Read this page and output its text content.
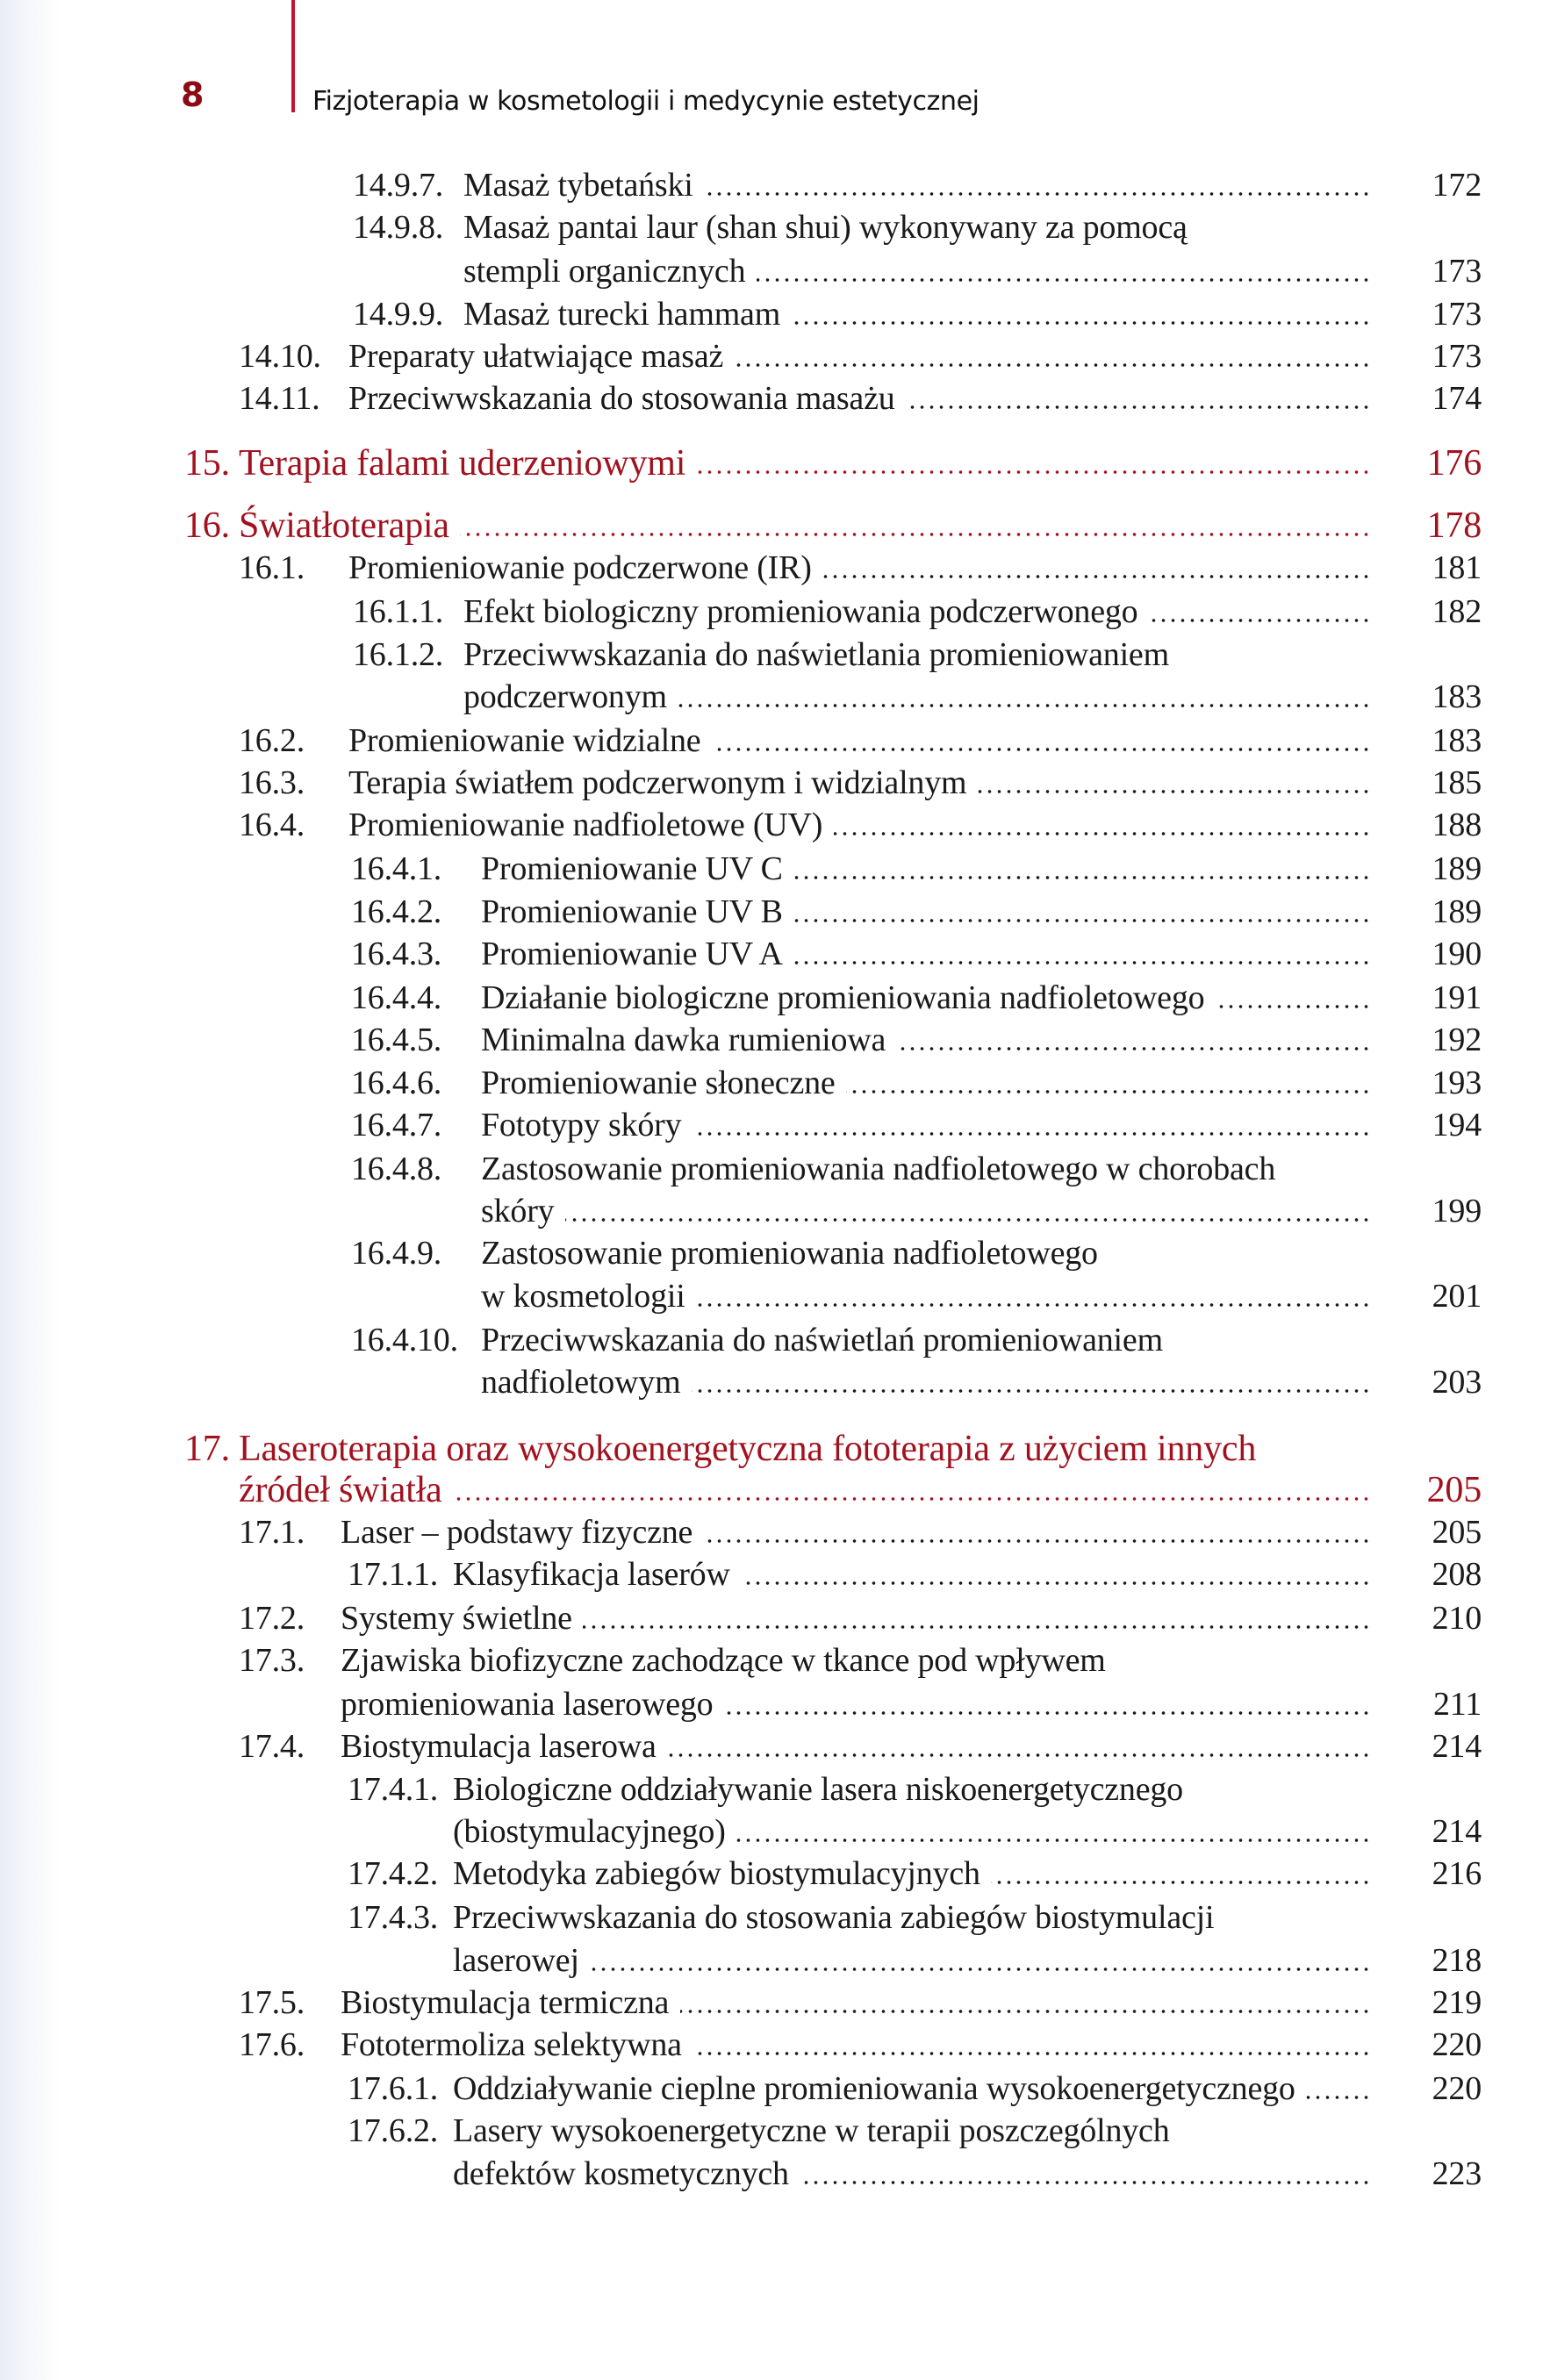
8	Fizjoterapia w kosmetologii i medycynie estetycznej
14.9.7. Masaż tybetański	172
14.9.8. Masaż pantai laur (shan shui) wykonywany za pomocą
stempli organicznych	173
14.9.9. Masaż turecki hammam	173
14.10. Preparaty ułatwiające masaż	173
14.11. Przeciwwskazania do stosowania masażu	174
15. Terapia falami uderzeniowymi	176
16. Światłoterapia	178
16.1.	Promieniowanie podczerwone (IR)	181
16.1.1. Efekt biologiczny promieniowania podczerwonego	182
16.1.2. Przeciwwskazania do naświetlania promieniowaniem
podczerwonym	183
16.2.	Promieniowanie widzialne	183
16.3.	Terapia światłem podczerwonym i widzialnym	185
16.4.	Promieniowanie nadfioletowe (UV)	188
16.4.1.	Promieniowanie UV C	189
16.4.2.	Promieniowanie UV B	189
16.4.3.	Promieniowanie UV A	190
16.4.4.	Działanie biologiczne promieniowania nadfioletowego	191
16.4.5.	Minimalna dawka rumieniowa	192
16.4.6.	Promieniowanie słoneczne	193
16.4.7.	Fototypy skóry	194
16.4.8.	Zastosowanie promieniowania nadfioletowego w chorobach
skóry	199
16.4.9.	Zastosowanie promieniowania nadfioletowego
w kosmetologii	201
16.4.10. Przeciwwskazania do naświetlań promieniowaniem
nadfioletowym	203
17. Laseroterapia oraz wysokoenergetyczna fototerapia z użyciem innych
źródeł światła	205
17.1.	Laser – podstawy fizyczne	205
17.1.1. Klasyfikacja laserów	208
17.2.	Systemy świetlne	210
17.3.	Zjawiska biofizyczne zachodzące w tkance pod wpływem
promieniowania laserowego	211
17.4.	Biostymulacja laserowa	214
17.4.1. Biologiczne oddziaływanie lasera niskoenergetycznego
(biostymulacyjnego)	214
17.4.2. Metodyka zabiegów biostymulacyjnych	216
17.4.3. Przeciwwskazania do stosowania zabiegów biostymulacji
laserowej	218
17.5.	Biostymulacja termiczna	219
17.6.	Fototermoliza selektywna	220
17.6.1. Oddziaływanie cieplne promieniowania wysokoenergetycznego	220
17.6.2. Lasery wysokoenergetyczne w terapii poszczególnych
defektów kosmetycznych	223
